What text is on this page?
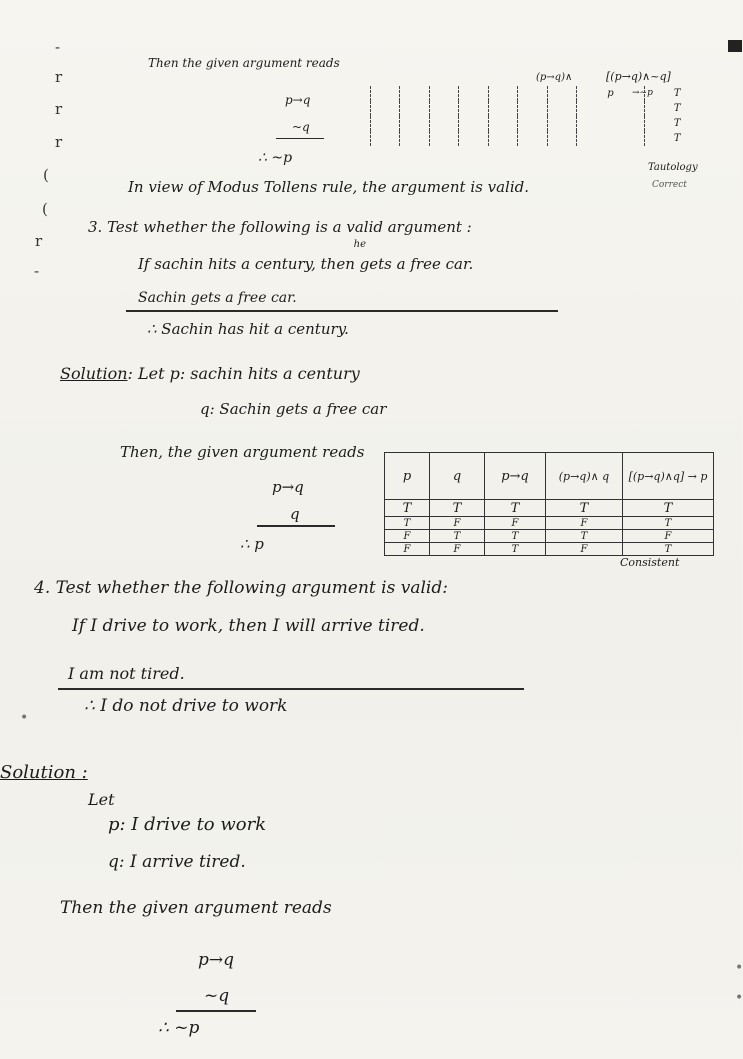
-
r
r
r
(
(
r
-
Then the given argument reads
p→q
~q
∴ ~p
(p→q)∧	[(p→q)∧~q]
→~p
							p	T
								T
								T
								T
Tautology
Correct
In view of Modus Tollens rule, the argument is valid.
3. Test whether the following is a valid argument :
If sachin hits a century, then
he
gets a free car.
Sachin gets a free car.
∴ Sachin has hit a century.
Solution: Let p: sachin hits a century
q: Sachin gets a free car
Then, the given argument reads
p→q
q
∴ p
p	q	p→q	(p→q)∧ q	[(p→q)∧q] → p
T	T	T	T	T
T	F	F	F	T
F	T	T	T	F
F	F	T	F	T
Consistent
4. Test whether the following argument is valid:
If I drive to work, then I will arrive tired.
I am not tired.
∴ I do not drive to work
•
Solution :
Let
p: I drive to work
q: I arrive tired.
Then the given argument reads
p→q
~q
∴ ~p
•
•
